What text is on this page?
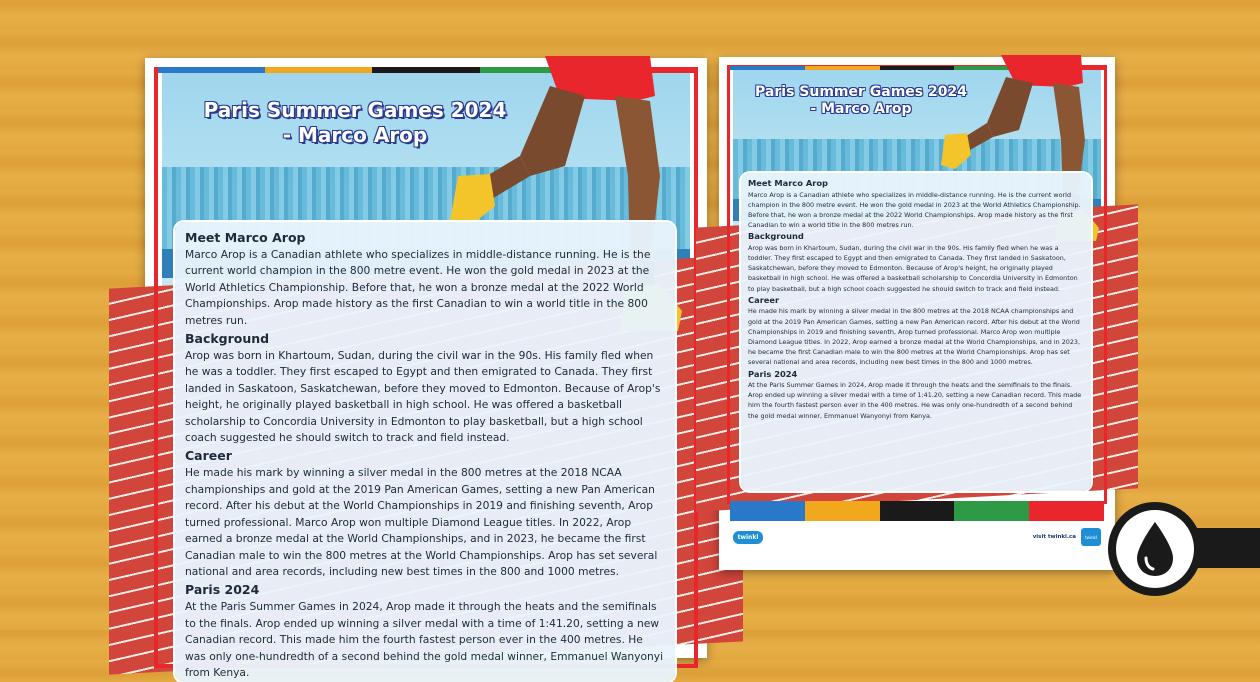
Paris Summer Games 2024
- Marco Arop
Meet Marco Arop

Marco Arop is a Canadian athlete who specializes in middle-distance running. He is the current world champion in the 800 metre event. He won the gold medal in 2023 at the World Athletics Championship. Before that, he won a bronze medal at the 2022 World Championships. Arop made history as the first Canadian to win a world title in the 800 metres run.

Background

Arop was born in Khartoum, Sudan, during the civil war in the 90s. His family fled when he was a toddler. They first escaped to Egypt and then emigrated to Canada. They first landed in Saskatoon, Saskatchewan, before they moved to Edmonton. Because of Arop's height, he originally played basketball in high school. He was offered a basketball scholarship to Concordia University in Edmonton to play basketball, but a high school coach suggested he should switch to track and field instead.

Career

He made his mark by winning a silver medal in the 800 metres at the 2018 NCAA championships and gold at the 2019 Pan American Games, setting a new Pan American record. After his debut at the World Championships in 2019 and finishing seventh, Arop turned professional. Marco Arop won multiple Diamond League titles. In 2022, Arop earned a bronze medal at the World Championships, and in 2023, he became the first Canadian male to win the 800 metres at the World Championships. Arop has set several national and area records, including new best times in the 800 and 1000 metres.

Paris 2024

At the Paris Summer Games in 2024, Arop made it through the heats and the semifinals to the finals. Arop ended up winning a silver medal with a time of 1:41.20, setting a new Canadian record. This made him the fourth fastest person ever in the 400 metres. He was only one-hundredth of a second behind the gold medal winner, Emmanuel Wanyonyi from Kenya.

Paris Summer Games 2024
- Marco Arop
Meet Marco Arop

Marco Arop is a Canadian athlete who specializes in middle-distance running. He is the current world champion in the 800 metre event. He won the gold medal in 2023 at the World Athletics Championship. Before that, he won a bronze medal at the 2022 World Championships. Arop made history as the first Canadian to win a world title in the 800 metres run.

Background

Arop was born in Khartoum, Sudan, during the civil war in the 90s. His family fled when he was a toddler. They first escaped to Egypt and then emigrated to Canada. They first landed in Saskatoon, Saskatchewan, before they moved to Edmonton. Because of Arop's height, he originally played basketball in high school. He was offered a basketball scholarship to Concordia University in Edmonton to play basketball, but a high school coach suggested he should switch to track and field instead.

Career

He made his mark by winning a silver medal in the 800 metres at the 2018 NCAA championships and gold at the 2019 Pan American Games, setting a new Pan American record. After his debut at the World Championships in 2019 and finishing seventh, Arop turned professional. Marco Arop won multiple Diamond League titles. In 2022, Arop earned a bronze medal at the World Championships, and in 2023, he became the first Canadian male to win the 800 metres at the World Championships. Arop has set several national and area records, including new best times in the 800 and 1000 metres.

Paris 2024

At the Paris Summer Games in 2024, Arop made it through the heats and the semifinals to the finals. Arop ended up winning a silver medal with a time of 1:41.20, setting a new Canadian record. This made him the fourth fastest person ever in the 400 metres. He was only one-hundredth of a second behind the gold medal winner, Emmanuel Wanyonyi from Kenya.

twinkl	visit twinkl.ca	twinkl
